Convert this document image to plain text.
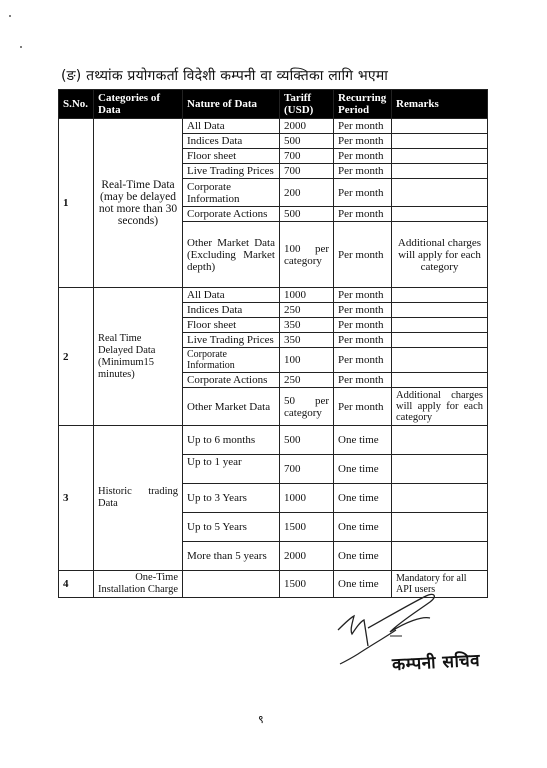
(ङ) तथ्यांक प्रयोगकर्ता विदेशी कम्पनी वा व्यक्तिका लागि भएमा
S.No.	Categories of Data	Nature of Data	Tariff (USD)	Recurring Period	Remarks
1	Real-Time Data (may be delayed not more than 30 seconds)	All Data	2000	Per month	
		Indices Data	500	Per month	
		Floor sheet	700	Per month	
		Live Trading Prices	700	Per month	
		Corporate Information	200	Per month	
		Corporate Actions	500	Per month	
		Other Market Data (Excluding Market depth)	100 per category	Per month	Additional charges will apply for each category
2	Real Time Delayed Data (Minimum15 minutes)	All Data	1000	Per month	
		Indices Data	250	Per month	
		Floor sheet	350	Per month	
		Live Trading Prices	350	Per month	
		Corporate Information	100	Per month	
		Corporate Actions	250	Per month	
		Other Market Data	50 per category	Per month	Additional charges will apply for each category
3	Historic trading Data	Up to 6 months	500	One time	
		Up to 1 year	700	One time	
		Up to 3 Years	1000	One time	
		Up to 5 Years	1500	One time	
		More than 5 years	2000	One time	
4	One-Time Installation Charge		1500	One time	Mandatory for all API users
कम्पनी सचिव
९
